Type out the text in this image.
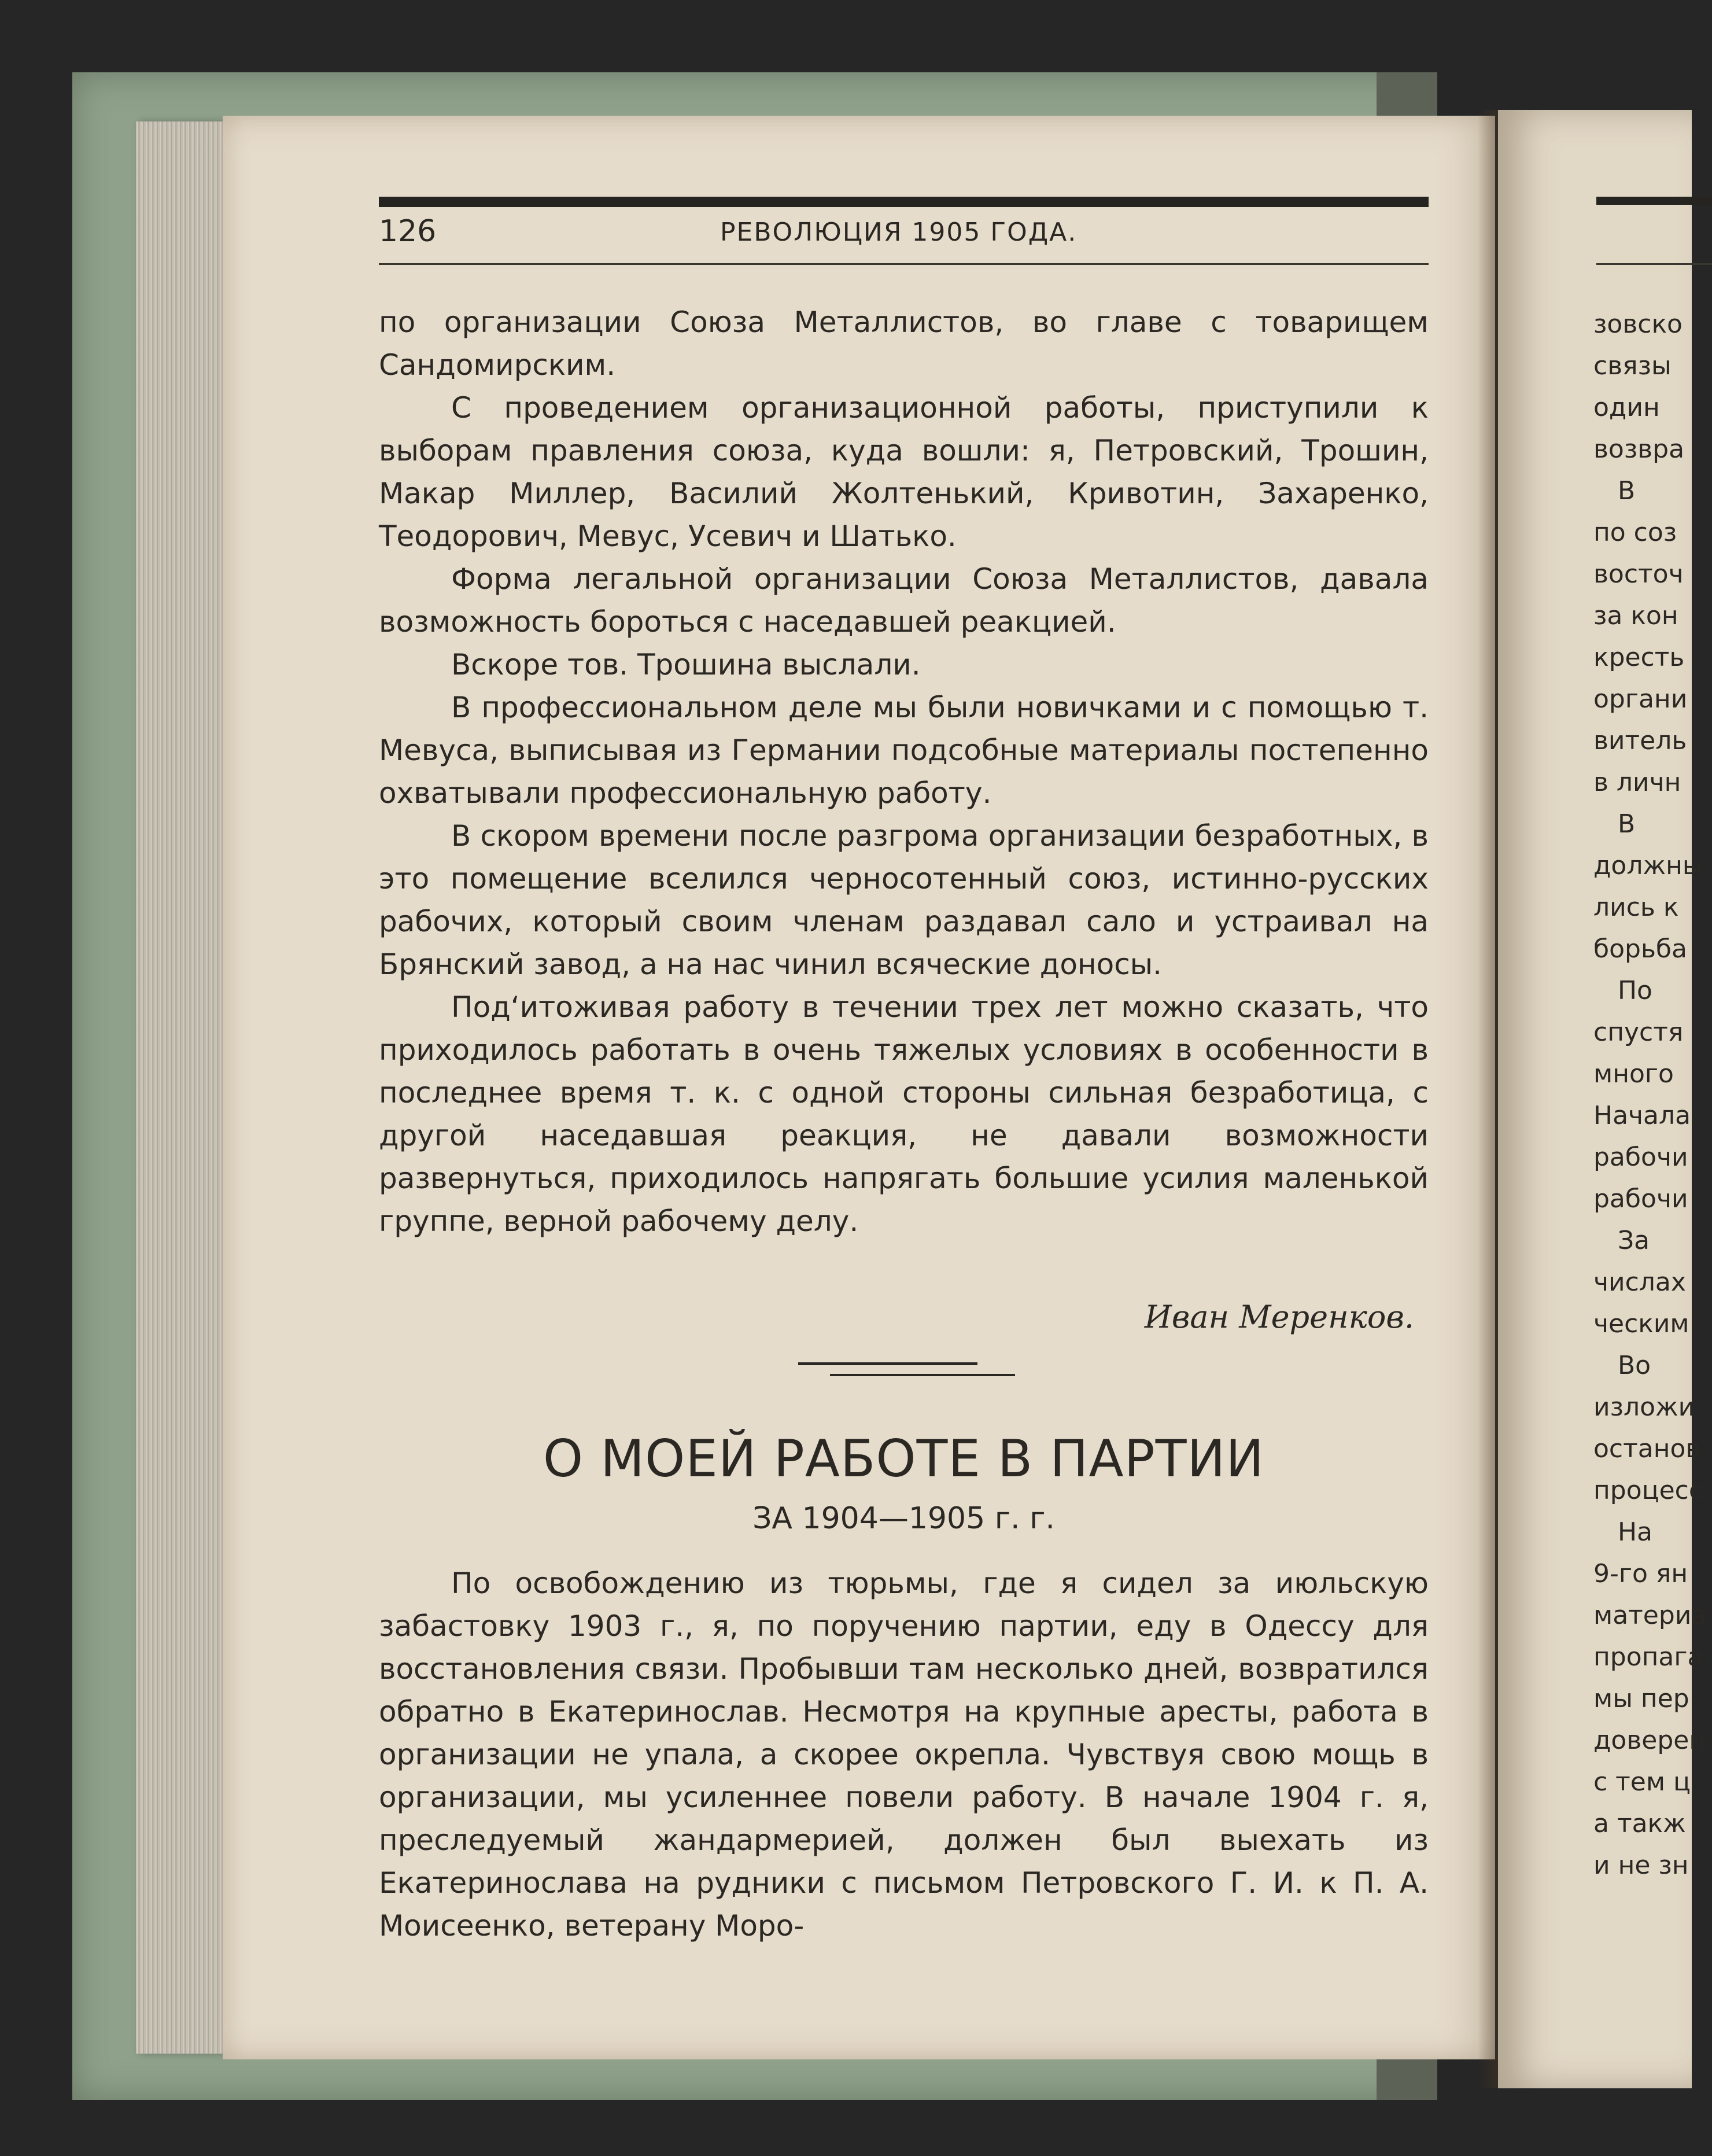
зовско
связы
один
возвра
В
по соз
восточ
за кон
кресть
органи
витель
в личн
В
должны
лись к
борьба
По
спустя
много
Начала
рабочи
рабочи
За
числах
ческим
Во
изложи
останов
процесс
На
9-го ян
материа
пропага
мы пер
доверен
с тем ц
а такж
и не зн
126	РЕВОЛЮЦИЯ 1905 ГОДА.

по организации Союза Металлистов, во главе с товарищем Сандомирским.

С проведением организационной работы, приступили к выборам правления союза, куда вошли: я, Петровский, Трошин, Макар Миллер, Василий Жолтенький, Кривотин, Захаренко, Теодорович, Мевус, Усевич и Шатько.

Форма легальной организации Союза Металлистов, давала возможность бороться с наседавшей реакцией.

Вскоре тов. Трошина выслали.

В профессиональном деле мы были новичками и с помощью т. Мевуса, выписывая из Германии подсобные материалы постепенно охватывали профессиональную работу.

В скором времени после разгрома организации безработных, в это помещение вселился черносотенный союз, истинно-русских рабочих, который своим членам раздавал сало и устраивал на Брянский завод, а на нас чинил всяческие доносы.

Под‘итоживая работу в течении трех лет можно сказать, что приходилось работать в очень тяжелых условиях в особенности в последнее время т. к. с одной стороны сильная безработица, с другой наседавшая реакция, не давали возможности развернуться, приходилось напрягать большие усилия маленькой группе, верной рабочему делу.

Иван Меренков.
О МОЕЙ РАБОТЕ В ПАРТИИ
ЗА 1904—1905 г. г.

По освобождению из тюрьмы, где я сидел за июльскую забастовку 1903 г., я, по поручению партии, еду в Одессу для восстановления связи. Пробывши там несколько дней, возвратился обратно в Екатеринослав. Несмотря на крупные аресты, работа в организации не упала, а скорее окрепла. Чувствуя свою мощь в организации, мы усиленнее повели работу. В начале 1904 г. я, преследуемый жандармерией, должен был выехать из Екатеринослава на рудники с письмом Петровского Г. И. к П. А. Моисеенко, ветерану Моро-
